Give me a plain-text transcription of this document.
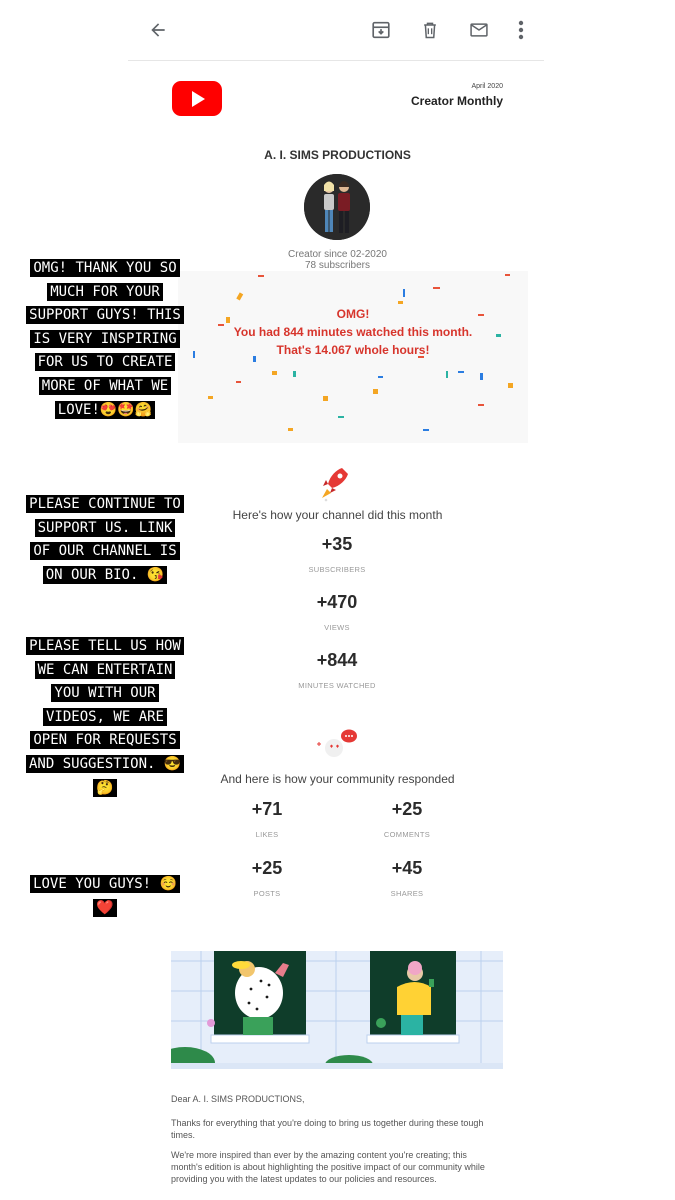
April 2020
Creator Monthly
A. I. SIMS PRODUCTIONS
Creator since 02-2020
78 subscribers
OMG!
You had 844 minutes watched this month.
That's 14.067 whole hours!
Here's how your channel did this month
+35
SUBSCRIBERS
+470
VIEWS
+844
MINUTES WATCHED
And here is how your community responded
+71
LIKES
+25
COMMENTS
+25
POSTS
+45
SHARES
Dear A. I. SIMS PRODUCTIONS,
Thanks for everything that you're doing to bring us together during these tough times.
We're more inspired than ever by the amazing content you're creating; this month's edition is about highlighting the positive impact of our community while providing you with the latest updates to our policies and resources.
OMG! THANK YOU SO MUCH FOR YOUR SUPPORT GUYS! THIS IS VERY INSPIRING FOR US TO CREATE MORE OF WHAT WE LOVE!😍🤩🤗
PLEASE CONTINUE TO SUPPORT US. LINK OF OUR CHANNEL IS ON OUR BIO. 😘
PLEASE TELL US HOW WE CAN ENTERTAIN YOU WITH OUR VIDEOS, WE ARE OPEN FOR REQUESTS AND SUGGESTION. 😎🤔
LOVE YOU GUYS! ☺️❤️
